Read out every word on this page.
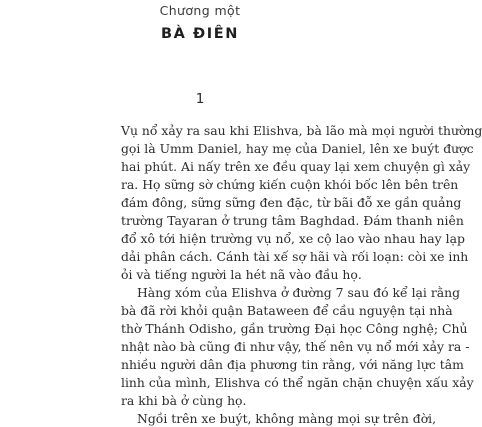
Chương một

BÀ ĐIÊN

1

Vụ nổ xảy ra sau khi Elishva, bà lão mà mọi người thường

gọi là Umm Daniel, hay mẹ của Daniel, lên xe buýt được

hai phút. Ai nấy trên xe đều quay lại xem chuyện gì xảy

ra. Họ sững sờ chứng kiến cuộn khói bốc lên bên trên

đám đông, sững sững đen đặc, từ bãi đỗ xe gần quảng

trường Tayaran ở trung tâm Baghdad. Đám thanh niên

đổ xô tới hiện trường vụ nổ, xe cộ lao vào nhau hay lạp

dải phân cách. Cánh tài xế sợ hãi và rối loạn: còi xe inh

ỏi và tiếng người la hét nã vào đầu họ.

Hàng xóm của Elishva ở đường 7 sau đó kể lại rằng

bà đã rời khỏi quận Bataween để cầu nguyện tại nhà

thờ Thánh Odisho, gần trường Đại học Công nghệ; Chủ

nhật nào bà cũng đi như vậy, thế nên vụ nổ mới xảy ra -

nhiều người dân địa phương tin rằng, với năng lực tâm

linh của mình, Elishva có thể ngăn chặn chuyện xấu xảy

ra khi bà ở cùng họ.

Ngồi trên xe buýt, không màng mọi sự trên đời,
